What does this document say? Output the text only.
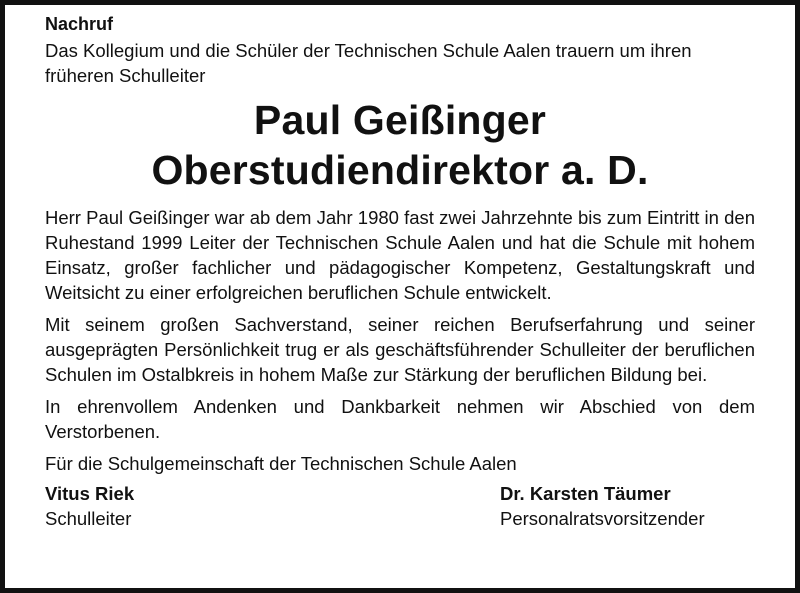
Nachruf

Das Kollegium und die Schüler der Technischen Schule Aalen trauern um ihren früheren Schulleiter

Paul Geißinger
Oberstudiendirektor a. D.

Herr Paul Geißinger war ab dem Jahr 1980 fast zwei Jahrzehnte bis zum Eintritt in den Ruhestand 1999 Leiter der Technischen Schule Aalen und hat die Schule mit hohem Einsatz, großer fachlicher und pädagogischer Kompetenz, Gestaltungskraft und Weitsicht zu einer erfolgreichen beruflichen Schule entwickelt.

Mit seinem großen Sachverstand, seiner reichen Berufserfahrung und seiner ausgeprägten Persönlichkeit trug er als geschäftsführender Schulleiter der beruflichen Schulen im Ostalbkreis in hohem Maße zur Stärkung der beruflichen Bildung bei.

In ehrenvollem Andenken und Dankbarkeit nehmen wir Abschied von dem Verstorbenen.

Für die Schulgemeinschaft der Technischen Schule Aalen

Vitus Riek
Schulleiter
Dr. Karsten Täumer
Personalratsvorsitzender
